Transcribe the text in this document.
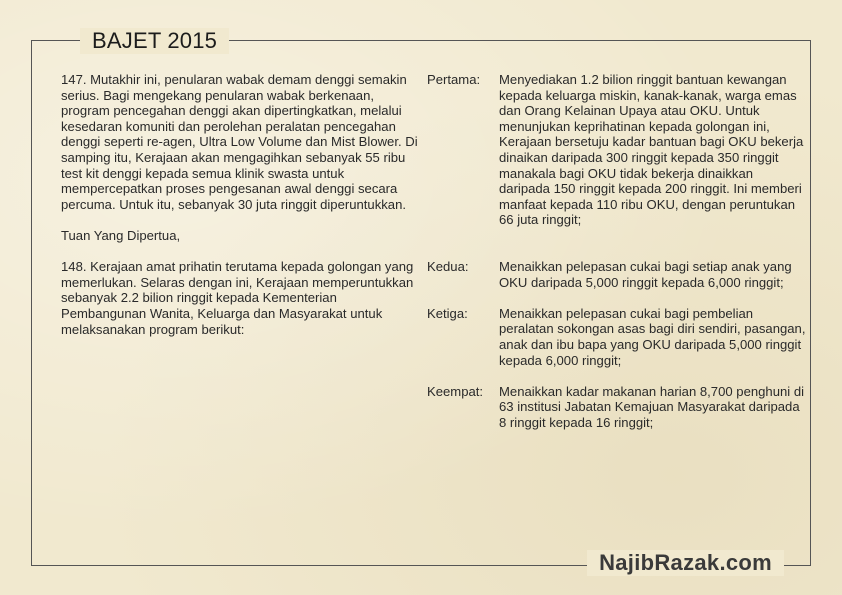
BAJET 2015

147. Mutakhir ini, penularan wabak demam denggi semakin serius. Bagi mengekang penularan wabak berkenaan, program pencegahan denggi akan dipertingkatkan, melalui kesedaran komuniti dan perolehan peralatan pencegahan denggi seperti re-agen, Ultra Low Volume dan Mist Blower. Di samping itu, Kerajaan akan mengagihkan sebanyak 55 ribu test kit denggi kepada semua klinik swasta untuk mempercepatkan proses pengesanan awal denggi secara percuma. Untuk itu, sebanyak 30 juta ringgit diperuntukkan.

Tuan Yang Dipertua,

148. Kerajaan amat prihatin terutama kepada golongan yang memerlukan. Selaras dengan ini, Kerajaan memperuntukkan sebanyak 2.2 bilion ringgit kepada Kementerian Pembangunan Wanita, Keluarga dan Masyarakat untuk melaksanakan program berikut:

Pertama:	Menyediakan 1.2 bilion ringgit bantuan kewangan kepada keluarga miskin, kanak-kanak, warga emas dan Orang Kelainan Upaya atau OKU. Untuk menunjukan keprihatinan kepada golongan ini, Kerajaan bersetuju kadar bantuan bagi OKU bekerja dinaikan daripada 300 ringgit kepada 350 ringgit manakala bagi OKU tidak bekerja dinaikkan daripada 150 ringgit kepada 200 ringgit. Ini memberi manfaat kepada 110 ribu OKU, dengan peruntukan 66 juta ringgit;
Kedua:	Menaikkan pelepasan cukai bagi setiap anak yang OKU daripada 5,000 ringgit kepada 6,000 ringgit;
Ketiga:	Menaikkan pelepasan cukai bagi pembelian peralatan sokongan asas bagi diri sendiri, pasangan, anak dan ibu bapa yang OKU daripada 5,000 ringgit kepada 6,000 ringgit;
Keempat:	Menaikkan kadar makanan harian 8,700 penghuni di 63 institusi Jabatan Kemajuan Masyarakat daripada 8 ringgit kepada 16 ringgit;
NajibRazak.com
